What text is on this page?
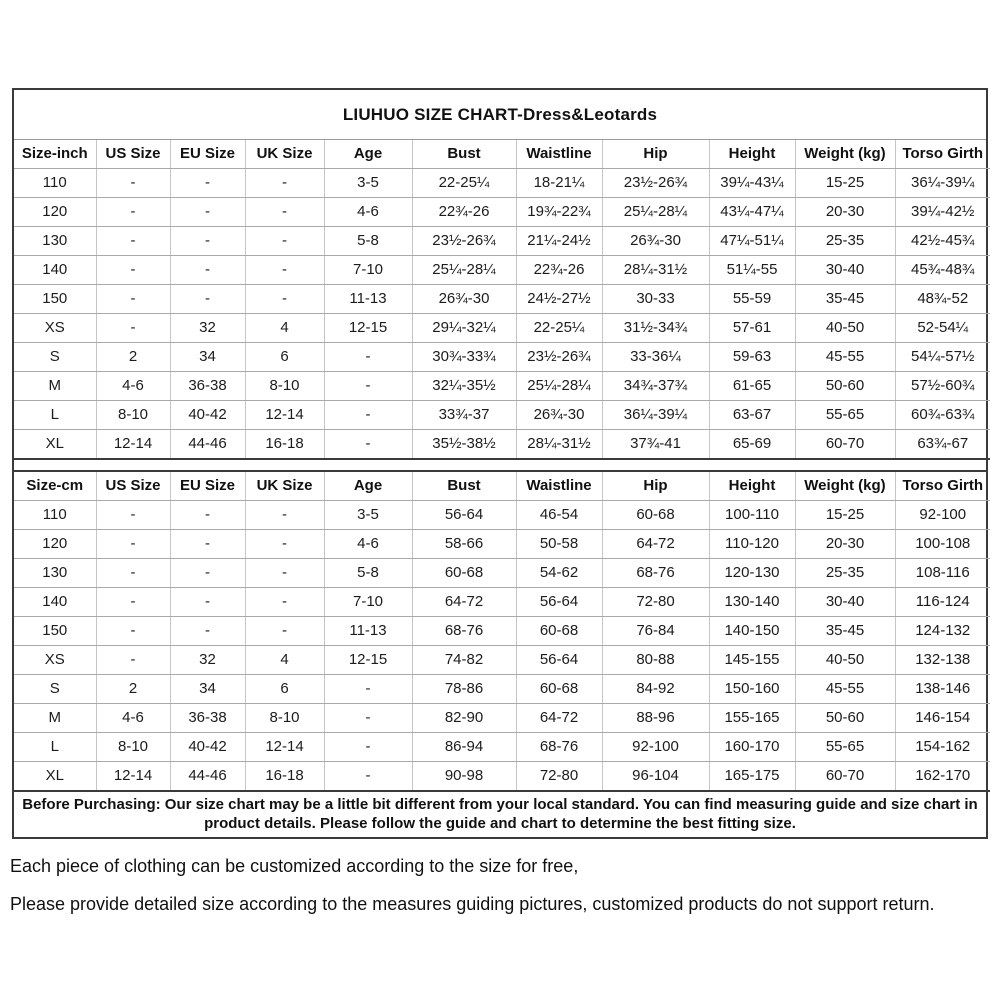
LIUHUO SIZE CHART-Dress&Leotards
Size-inch	US Size	EU Size	UK Size	Age	Bust	Waistline	Hip	Height	Weight (kg)	Torso Girth
110	-	-	-	3-5	22-25¼	18-21¼	23½-26¾	39¼-43¼	15-25	36¼-39¼
120	-	-	-	4-6	22¾-26	19¾-22¾	25¼-28¼	43¼-47¼	20-30	39¼-42½
130	-	-	-	5-8	23½-26¾	21¼-24½	26¾-30	47¼-51¼	25-35	42½-45¾
140	-	-	-	7-10	25¼-28¼	22¾-26	28¼-31½	51¼-55	30-40	45¾-48¾
150	-	-	-	11-13	26¾-30	24½-27½	30-33	55-59	35-45	48¾-52
XS	-	32	4	12-15	29¼-32¼	22-25¼	31½-34¾	57-61	40-50	52-54¼
S	2	34	6	-	30¾-33¾	23½-26¾	33-36¼	59-63	45-55	54¼-57½
M	4-6	36-38	8-10	-	32¼-35½	25¼-28¼	34¾-37¾	61-65	50-60	57½-60¾
L	8-10	40-42	12-14	-	33¾-37	26¾-30	36¼-39¼	63-67	55-65	60¾-63¾
XL	12-14	44-46	16-18	-	35½-38½	28¼-31½	37¾-41	65-69	60-70	63¾-67
Size-cm	US Size	EU Size	UK Size	Age	Bust	Waistline	Hip	Height	Weight (kg)	Torso Girth
110	-	-	-	3-5	56-64	46-54	60-68	100-110	15-25	92-100
120	-	-	-	4-6	58-66	50-58	64-72	110-120	20-30	100-108
130	-	-	-	5-8	60-68	54-62	68-76	120-130	25-35	108-116
140	-	-	-	7-10	64-72	56-64	72-80	130-140	30-40	116-124
150	-	-	-	11-13	68-76	60-68	76-84	140-150	35-45	124-132
XS	-	32	4	12-15	74-82	56-64	80-88	145-155	40-50	132-138
S	2	34	6	-	78-86	60-68	84-92	150-160	45-55	138-146
M	4-6	36-38	8-10	-	82-90	64-72	88-96	155-165	50-60	146-154
L	8-10	40-42	12-14	-	86-94	68-76	92-100	160-170	55-65	154-162
XL	12-14	44-46	16-18	-	90-98	72-80	96-104	165-175	60-70	162-170
Before Purchasing: Our size chart may be a little bit different from your local standard. You can find measuring guide and size chart in product details. Please follow the guide and chart to determine the best fitting size.

Each piece of clothing can be customized according to the size for free,

Please provide detailed size according to the measures guiding pictures, customized products do not support return.
